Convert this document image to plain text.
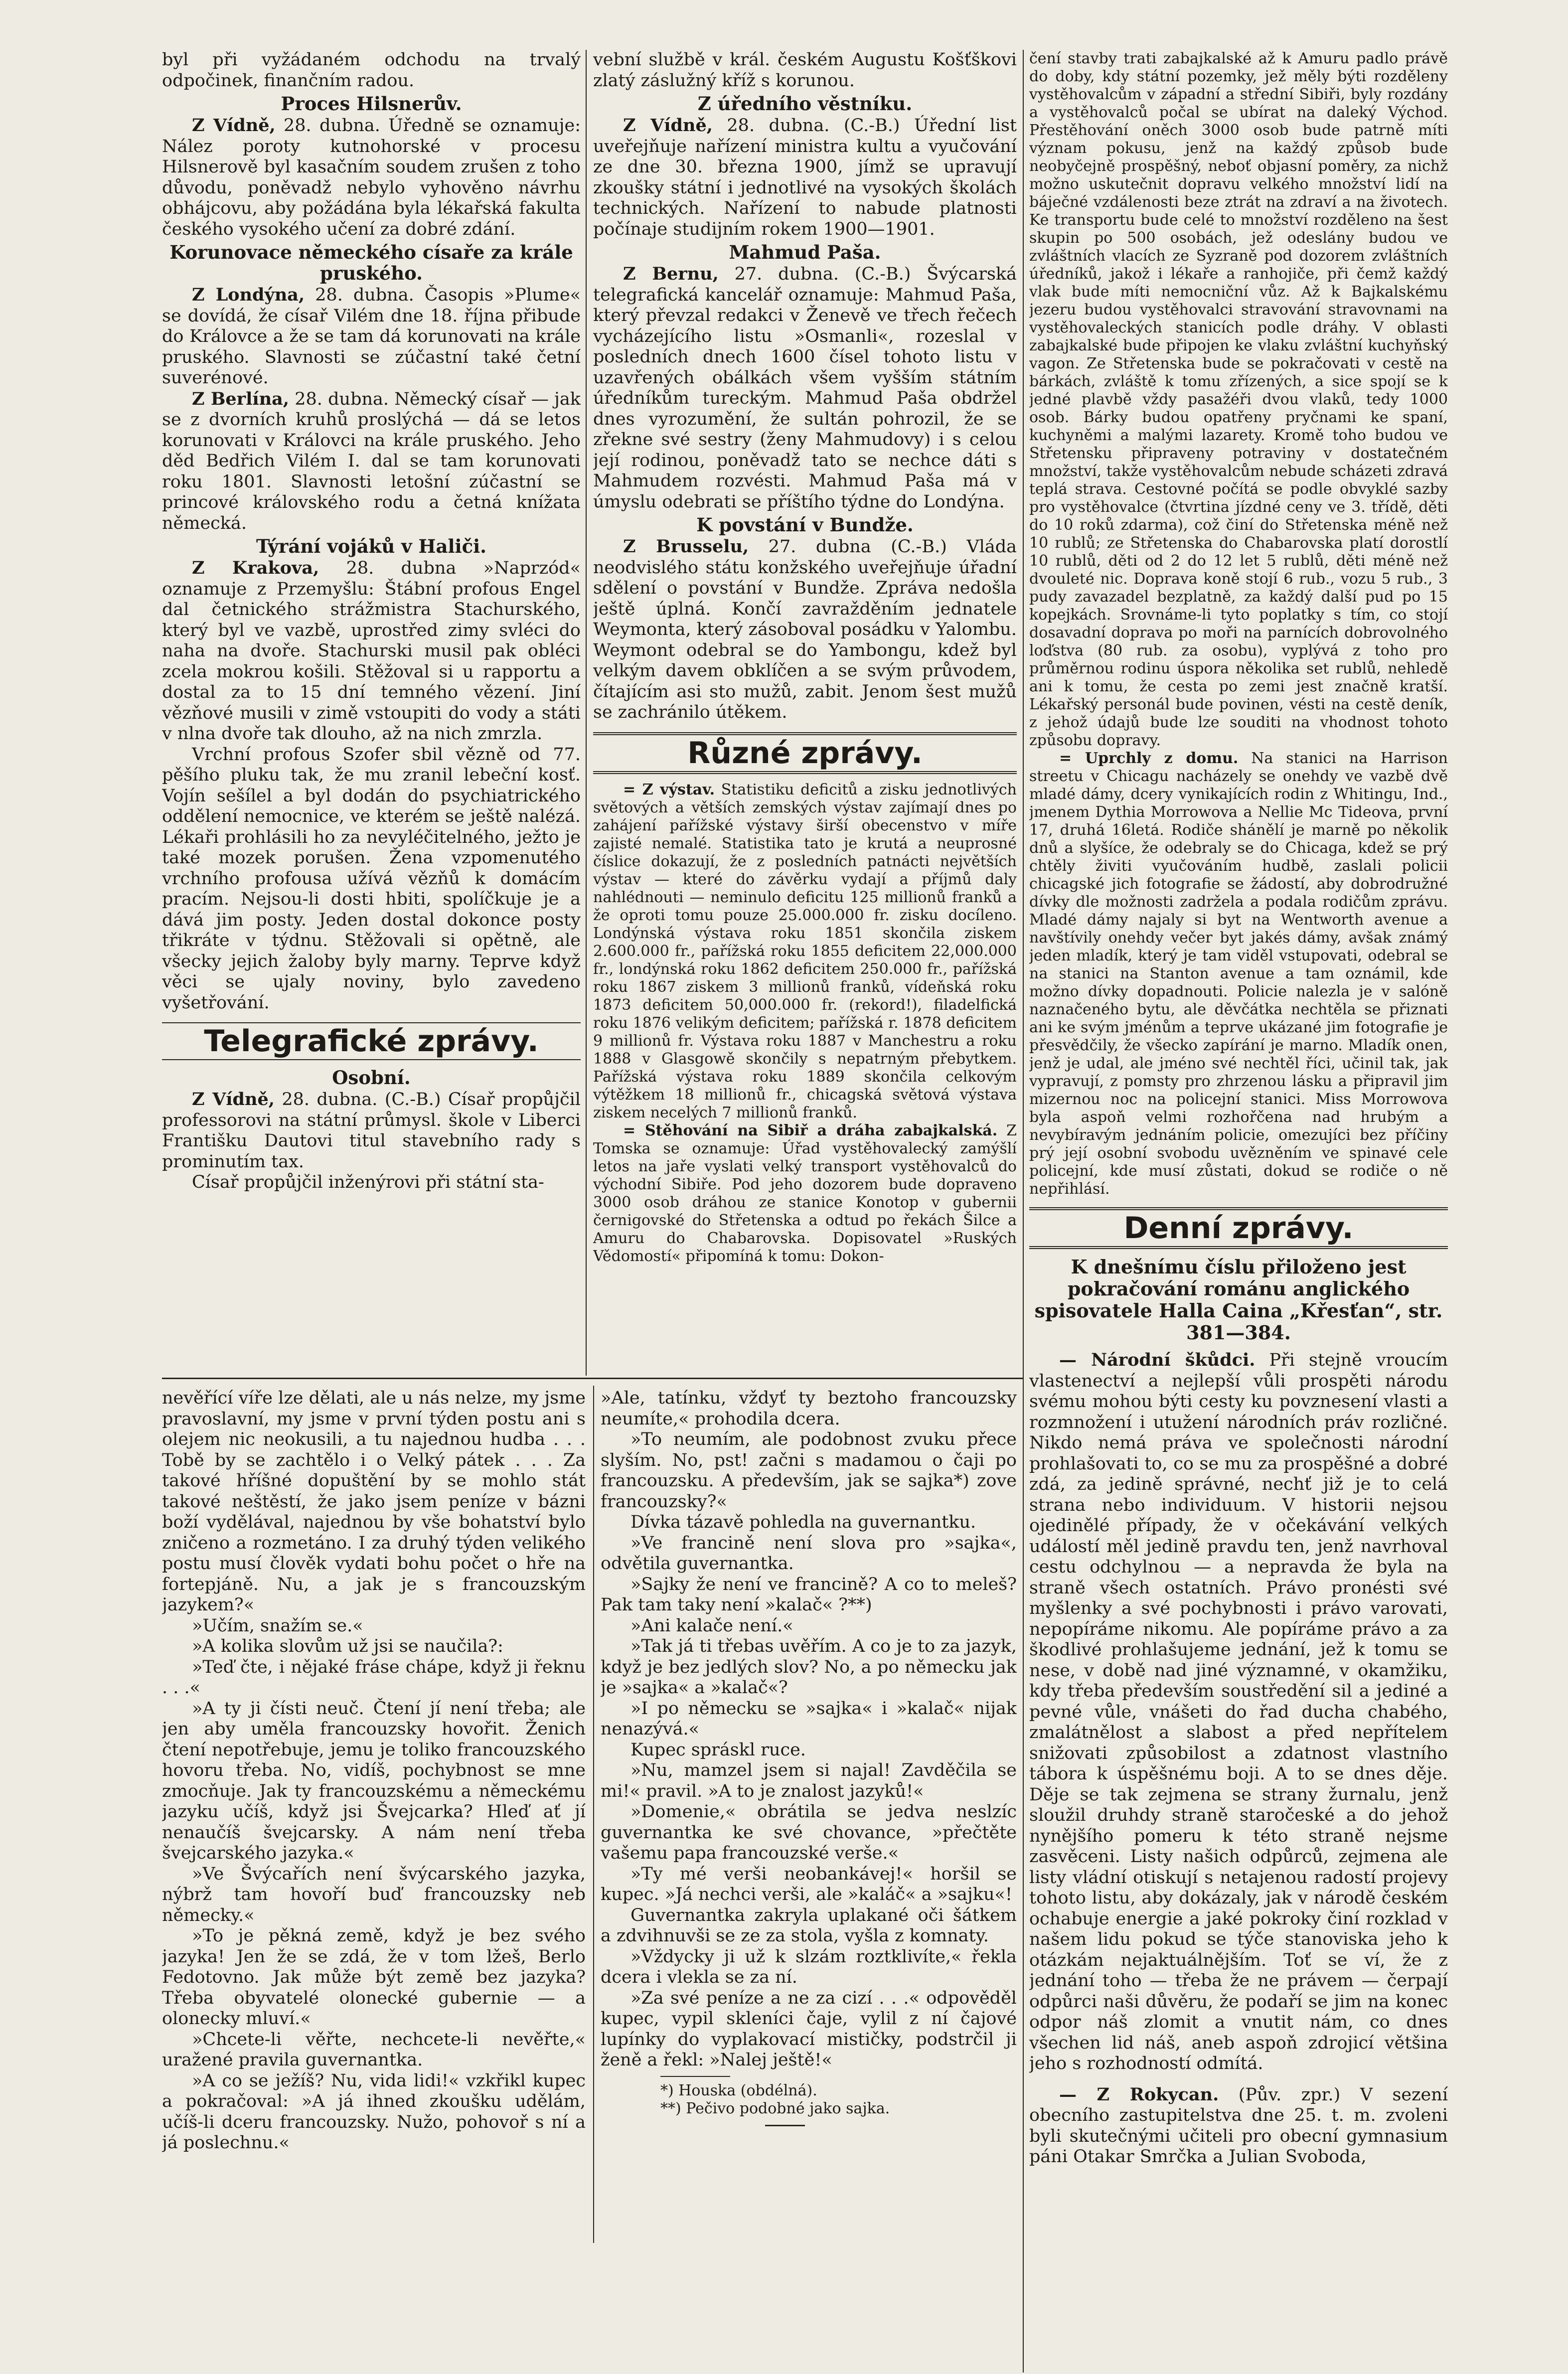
byl při vyžádaném odchodu na trvalý odpočinek, finančním radou.

Proces Hilsnerův.

Z Vídně, 28. dubna. Úředně se oznamuje: Nález poroty kutnohorské v procesu Hilsnerově byl kasačním soudem zrušen z toho důvodu, poněvadž nebylo vyhověno návrhu obhájcovu, aby požádána byla lékařská fakulta českého vysokého učení za dobré zdání.

Korunovace německého císaře za krále pruského.

Z Londýna, 28. dubna. Časopis »Plume« se dovídá, že císař Vilém dne 18. října přibude do Královce a že se tam dá korunovati na krále pruského. Slavnosti se zúčastní také četní suverénové.

Z Berlína, 28. dubna. Německý císař — jak se z dvorních kruhů proslýchá — dá se letos korunovati v Královci na krále pruského. Jeho děd Bedřich Vilém I. dal se tam korunovati roku 1801. Slavnosti letošní zúčastní se princové královského rodu a četná knížata německá.

Týrání vojáků v Haliči.

Z Krakova, 28. dubna »Naprzód« oznamuje z Przemyšlu: Štábní profous Engel dal četnického strážmistra Stachurského, který byl ve vazbě, uprostřed zimy svléci do naha na dvoře. Stachurski musil pak obléci zcela mokrou košili. Stěžoval si u rapportu a dostal za to 15 dní temného vězení. Jiní vězňové musili v zimě vstoupiti do vody a státi v nlna dvoře tak dlouho, až na nich zmrzla.

Vrchní profous Szofer sbil vězně od 77. pěšího pluku tak, že mu zranil lebeční kosť. Vojín sešílel a byl dodán do psychiatrického oddělení nemocnice, ve kterém se ještě nalézá. Lékaři prohlásili ho za nevyléčitelného, ježto je také mozek porušen. Žena vzpomenutého vrchního profousa užívá vězňů k domácím pracím. Nejsou-li dosti hbiti, spolíčkuje je a dává jim posty. Jeden dostal dokonce posty třikráte v týdnu. Stěžovali si opětně, ale všecky jejich žaloby byly marny. Teprve když věci se ujaly noviny, bylo zavedeno vyšetřování.

Telegrafické zprávy.
Osobní.

Z Vídně, 28. dubna. (C.-B.) Císař propůjčil professorovi na státní průmysl. škole v Liberci Františku Dautovi titul stavebního rady s prominutím tax.

Císař propůjčil inženýrovi při státní sta-

vební službě v král. českém Augustu Košťškovi zlatý záslužný kříž s korunou.

Z úředního věstníku.

Z Vídně, 28. dubna. (C.-B.) Úřední list uveřejňuje nařízení ministra kultu a vyučování ze dne 30. března 1900, jímž se upravují zkoušky státní i jednotlivé na vysokých školách technických. Nařízení to nabude platnosti počínaje studijním rokem 1900—1901.

Mahmud Paša.

Z Bernu, 27. dubna. (C.-B.) Švýcarská telegrafická kancelář oznamuje: Mahmud Paša, který převzal redakci v Ženevě ve třech řečech vycházejícího listu »Osmanli«, rozeslal v posledních dnech 1600 čísel tohoto listu v uzavřených obálkách všem vyšším státním úředníkům tureckým. Mahmud Paša obdržel dnes vyrozumění, že sultán pohrozil, že se zřekne své sestry (ženy Mahmudovy) i s celou její rodinou, poněvadž tato se nechce dáti s Mahmudem rozvésti. Mahmud Paša má v úmyslu odebrati se příštího týdne do Londýna.

K povstání v Bundže.

Z Brusselu, 27. dubna (C.-B.) Vláda neodvislého státu konžského uveřejňuje úřadní sdělení o povstání v Bundže. Zpráva nedošla ještě úplná. Končí zavražděním jednatele Weymonta, který zásoboval posádku v Yalombu. Weymont odebral se do Yambongu, kdež byl velkým davem obklíčen a se svým průvodem, čítajícím asi sto mužů, zabit. Jenom šest mužů se zachránilo útěkem.

Různé zprávy.

= Z výstav. Statistiku deficitů a zisku jednotlivých světových a větších zemských výstav zajímají dnes po zahájení pařížské výstavy širší obecenstvo v míře zajisté nemalé. Statistika tato je krutá a neuprosné číslice dokazují, že z posledních patnácti největších výstav — které do závěrku vydají a příjmů daly nahlédnouti — neminulo deficitu 125 millionů franků a že oproti tomu pouze 25.000.000 fr. zisku docíleno. Londýnská výstava roku 1851 skončila ziskem 2.600.000 fr., pařížská roku 1855 deficitem 22,000.000 fr., londýnská roku 1862 deficitem 250.000 fr., pařížská roku 1867 ziskem 3 millionů franků, vídeňská roku 1873 deficitem 50,000.000 fr. (rekord!), filadelfická roku 1876 velikým deficitem; pařížská r. 1878 deficitem 9 millionů fr. Výstava roku 1887 v Manchestru a roku 1888 v Glasgowě skončily s nepatrným přebytkem. Pařížská výstava roku 1889 skončila celkovým výtěžkem 18 millionů fr., chicagská světová výstava ziskem necelých 7 millionů franků.

= Stěhování na Sibiř a dráha zabajkalská. Z Tomska se oznamuje: Úřad vystěhovalecký zamýšlí letos na jaře vyslati velký transport vystěhovalců do východní Sibiře. Pod jeho dozorem bude dopraveno 3000 osob dráhou ze stanice Konotop v gubernii černigovské do Střetenska a odtud po řekách Šilce a Amuru do Chabarovska. Dopisovatel »Ruských Vědomostí« připomíná k tomu: Dokon-

čení stavby trati zabajkalské až k Amuru padlo právě do doby, kdy státní pozemky, jež měly býti rozděleny vystěhovalcům v západní a střední Sibiři, byly rozdány a vystěhovalců počal se ubírat na daleký Východ. Přestěhování oněch 3000 osob bude patrně míti význam pokusu, jenž na každý způsob bude neobyčejně prospěšný, neboť objasní poměry, za nichž možno uskutečnit dopravu velkého množství lidí na báječné vzdálenosti beze ztrát na zdraví a na životech. Ke transportu bude celé to množství rozděleno na šest skupin po 500 osobách, jež odeslány budou ve zvláštních vlacích ze Syzraně pod dozorem zvláštních úředníků, jakož i lékaře a ranhojiče, při čemž každý vlak bude míti nemocniční vůz. Až k Bajkalskému jezeru budou vystěhovalci stravování stravovnami na vystěhovaleckých stanicích podle dráhy. V oblasti zabajkalské bude připojen ke vlaku zvláštní kuchyňský vagon. Ze Střetenska bude se pokračovati v cestě na bárkách, zvláště k tomu zřízených, a sice spojí se k jedné plavbě vždy pasažéři dvou vlaků, tedy 1000 osob. Bárky budou opatřeny pryčnami ke spaní, kuchyněmi a malými lazarety. Kromě toho budou ve Střetensku připraveny potraviny v dostatečném množství, takže vystěhovalcům nebude scházeti zdravá teplá strava. Cestovné počítá se podle obvyklé sazby pro vystěhovalce (čtvrtina jízdné ceny ve 3. třídě, děti do 10 roků zdarma), což činí do Střetenska méně než 10 rublů; ze Střetenska do Chabarovska platí dorostlí 10 rublů, děti od 2 do 12 let 5 rublů, děti méně než dvouleté nic. Doprava koně stojí 6 rub., vozu 5 rub., 3 pudy zavazadel bezplatně, za každý další pud po 15 kopejkách. Srovnáme-li tyto poplatky s tím, co stojí dosavadní doprava po moři na parnících dobrovolného loďstva (80 rub. za osobu), vyplývá z toho pro průměrnou rodinu úspora několika set rublů, nehledě ani k tomu, že cesta po zemi jest značně kratší. Lékařský personál bude povinen, vésti na cestě deník, z jehož údajů bude lze souditi na vhodnost tohoto způsobu dopravy.

= Uprchly z domu. Na stanici na Harrison streetu v Chicagu nacházely se onehdy ve vazbě dvě mladé dámy, dcery vynikajících rodin z Whitingu, Ind., jmenem Dythia Morrowova a Nellie Mc Tideova, první 17, druhá 16letá. Rodiče shánělí je marně po několik dnů a slyšíce, že odebraly se do Chicaga, kdež se prý chtěly živiti vyučováním hudbě, zaslali policii chicagské jich fotografie se žádostí, aby dobrodružné dívky dle možnosti zadržela a podala rodičům zprávu. Mladé dámy najaly si byt na Wentworth avenue a navštívily onehdy večer byt jakés dámy, avšak známý jeden mladík, který je tam viděl vstupovati, odebral se na stanici na Stanton avenue a tam oznámil, kde možno dívky dopadnouti. Policie nalezla je v salóně naznačeného bytu, ale děvčátka nechtěla se přiznati ani ke svým jménům a teprve ukázané jim fotografie je přesvědčily, že všecko zapírání je marno. Mladík onen, jenž je udal, ale jméno své nechtěl říci, učinil tak, jak vypravují, z pomsty pro zhrzenou lásku a připravil jim mizernou noc na policejní stanici. Miss Morrowova byla aspoň velmi rozhořčena nad hrubým a nevybíravým jednáním policie, omezujíci bez příčiny prý její osobní svobodu uvězněním ve spinavé cele policejní, kde musí zůstati, dokud se rodiče o ně nepřihlásí.

Denní zprávy.
K dnešnímu číslu přiloženo jest pokračování románu anglického spisovatele Halla Caina „Křesťan“, str. 381—384.

— Národní škůdci. Při stejně vroucím vlastenectví a nejlepší vůli prospěti národu svému mohou býti cesty ku povznesení vlasti a rozmnožení i utužení národních práv rozličné. Nikdo nemá práva ve společnosti národní prohlašovati to, co se mu za prospěšné a dobré zdá, za jedině správné, nechť již je to celá strana nebo individuum. V historii nejsou ojedinělé případy, že v očekávání velkých událostí měl jedině pravdu ten, jenž navrhoval cestu odchylnou — a nepravda že byla na straně všech ostatních. Právo pronésti své myšlenky a své pochybnosti i právo varovati, nepopíráme nikomu. Ale popíráme právo a za škodlivé prohlašujeme jednání, jež k tomu se nese, v době nad jiné významné, v okamžiku, kdy třeba především soustředění sil a jediné a pevné vůle, vnášeti do řad ducha chabého, zmalátnělost a slabost a před nepřítelem snižovati způsobilost a zdatnost vlastního tábora k úspěšnému boji. A to se dnes děje. Děje se tak zejmena se strany žurnalu, jenž sloužil druhdy straně staročeské a do jehož nynějšího pomeru k této straně nejsme zasvěceni. Listy našich odpůrců, zejmena ale listy vládní otiskují s netajenou radostí projevy tohoto listu, aby dokázaly, jak v národě českém ochabuje energie a jaké pokroky činí rozklad v našem lidu pokud se týče stanoviska jeho k otázkám nejaktuálnějším. Toť se ví, že z jednání toho — třeba že ne právem — čerpají odpůrci naši důvěru, že podaří se jim na konec odpor náš zlomit a vnutit nám, co dnes všechen lid náš, aneb aspoň zdrojicí většina jeho s rozhodností odmítá.

— Z Rokycan. (Pův. zpr.) V sezení obecního zastupitelstva dne 25. t. m. zvoleni byli skutečnými učiteli pro obecní gymnasium páni Otakar Smrčka a Julian Svoboda,

nevěřící víře lze dělati, ale u nás nelze, my jsme pravoslavní, my jsme v první týden postu ani s olejem nic neokusili, a tu najednou hudba . . . Tobě by se zachtělo i o Velký pátek . . . Za takové hříšné dopuštění by se mohlo stát takové neštěstí, že jako jsem peníze v bázni boží vydělával, najednou by vše bohatství bylo zničeno a rozmetáno. I za druhý týden velikého postu musí člověk vydati bohu počet o hře na fortepjáně. Nu, a jak je s francouzským jazykem?«

»Učím, snažím se.«

»A kolika slovům už jsi se naučila?:

»Teď čte, i nějaké fráse chápe, když ji řeknu . . .«

»A ty ji čísti neuč. Čtení jí není třeba; ale jen aby uměla francouzsky hovořit. Ženich čtení nepotřebuje, jemu je toliko francouzského hovoru třeba. No, vidíš, pochybnost se mne zmocňuje. Jak ty francouzskému a německému jazyku učíš, když jsi Švejcarka? Hleď ať jí nenaučíš švejcarsky. A nám není třeba švejcarského jazyka.«

»Ve Švýcařích není švýcarského jazyka, nýbrž tam hovoří buď francouzsky neb německy.«

»To je pěkná země, když je bez svého jazyka! Jen že se zdá, že v tom lžeš, Berlo Fedotovno. Jak může být země bez jazyka? Třeba obyvatelé olonecké gubernie — a olonecky mluví.«

»Chcete-li věřte, nechcete-li nevěřte,« uražené pravila guvernantka.

»A co se ježíš? Nu, vida lidi!« vzkřikl kupec a pokračoval: »A já ihned zkoušku udělám, učíš-li dceru francouzsky. Nužo, pohovoř s ní a já poslechnu.«

»Ale, tatínku, vždyť ty beztoho francouzsky neumíte,« prohodila dcera.

»To neumím, ale podobnost zvuku přece slyším. No, pst! začni s madamou o čaji po francouzsku. A především, jak se sajka*) zove francouzsky?«

Dívka tázavě pohledla na guvernantku.

»Ve francině není slova pro »sajka«, odvětila guvernantka.

»Sajky že není ve francině? A co to meleš? Pak tam taky není »kalač« ?**)

»Ani kalače není.«

»Tak já ti třebas uvěřím. A co je to za jazyk, když je bez jedlých slov? No, a po německu jak je »sajka« a »kalač«?

»I po německu se »sajka« i »kalač« nijak nenazývá.«

Kupec spráskl ruce.

»Nu, mamzel jsem si najal! Zavděčila se mi!« pravil. »A to je znalost jazyků!«

»Domenie,« obrátila se jedva neslzíc guvernantka ke své chovance, »přečtěte vašemu papa francouzské verše.«

»Ty mé verši neobankávej!« horšil se kupec. »Já nechci verši, ale »kaláč« a »sajku«!

Guvernantka zakryla uplakané oči šátkem a zdvihnuvši se ze za stola, vyšla z komnaty.

»Vždycky ji už k slzám roztklivíte,« řekla dcera i vlekla se za ní.

»Za své peníze a ne za cizí . . .« odpověděl kupec, vypil skleníci čaje, vylil z ní čajové lupínky do vyplakovací mističky, podstrčil ji ženě a řekl: »Nalej ještě!«

*) Houska (obdélná).
**) Pečivo podobné jako sajka.
